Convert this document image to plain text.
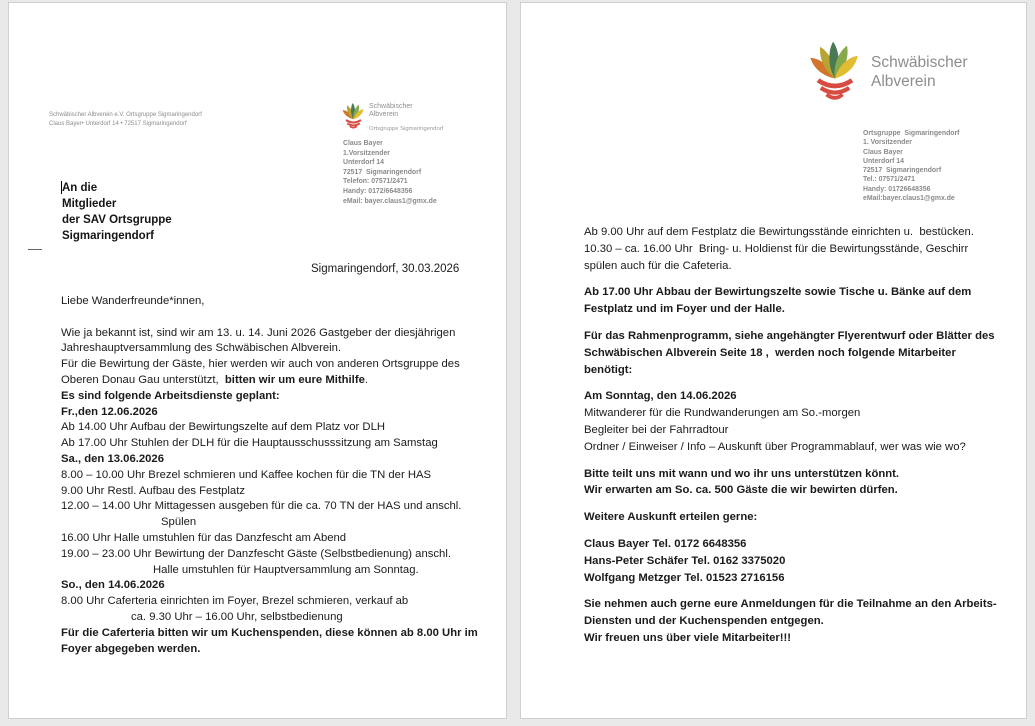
Schwäbischer Albverein e.V. Ortsgruppe Sigmaringendorf
Claus Bayer• Unterdorf 14 • 72517 Sigmaringendorf
Schwäbischer
Albverein
Ortsgruppe Sigmaringendorf
Claus Bayer
1.Vorsitzender
Unterdorf 14
72517  Sigmaringendorf
Telefon: 07571/2471
Handy: 0172/6648356
eMail: bayer.claus1@gmx.de
An die
Mitglieder
der SAV Ortsgruppe
Sigmaringendorf
Sigmaringendorf, 30.03.2026
Liebe Wanderfreunde*innen,

Wie ja bekannt ist, sind wir am 13. u. 14. Juni 2026 Gastgeber der diesjährigen
Jahreshauptversammlung des Schwäbischen Albverein.
Für die Bewirtung der Gäste, hier werden wir auch von anderen Ortsgruppe des
Oberen Donau Gau unterstützt,  bitten wir um eure Mithilfe.
Es sind folgende Arbeitsdienste geplant:
Fr.,den 12.06.2026
Ab 14.00 Uhr Aufbau der Bewirtungszelte auf dem Platz vor DLH
Ab 17.00 Uhr Stuhlen der DLH für die Hauptausschusssitzung am Samstag
Sa., den 13.06.2026
8.00 – 10.00 Uhr Brezel schmieren und Kaffee kochen für die TN der HAS
9.00 Uhr Restl. Aufbau des Festplatz
12.00 – 14.00 Uhr Mittagessen ausgeben für die ca. 70 TN der HAS und anschl.
Spülen
16.00 Uhr Halle umstuhlen für das Danzfescht am Abend
19.00 – 23.00 Uhr Bewirtung der Danzfescht Gäste (Selbstbedienung) anschl.
Halle umstuhlen für Hauptversammlung am Sonntag.
So., den 14.06.2026
8.00 Uhr Caferteria einrichten im Foyer, Brezel schmieren, verkauf ab
ca. 9.30 Uhr – 16.00 Uhr, selbstbedienung
Für die Caferteria bitten wir um Kuchenspenden, diese können ab 8.00 Uhr im
Foyer abgegeben werden.
Schwäbischer
Albverein
Ortsgruppe  Sigmaringendorf
1. Vorsitzender
Claus Bayer
Unterdorf 14
72517  Sigmaringendorf
Tel.: 07571/2471
Handy: 01726648356
eMail:bayer.claus1@gmx.de
Ab 9.00 Uhr auf dem Festplatz die Bewirtungsstände einrichten u.  bestücken.
10.30 – ca. 16.00 Uhr  Bring- u. Holdienst für die Bewirtungsstände, Geschirr
spülen auch für die Cafeteria.
Ab 17.00 Uhr Abbau der Bewirtungszelte sowie Tische u. Bänke auf dem
Festplatz und im Foyer und der Halle.
Für das Rahmenprogramm, siehe angehängter Flyerentwurf oder Blätter des
Schwäbischen Albverein Seite 18 ,  werden noch folgende Mitarbeiter
benötigt:
Am Sonntag, den 14.06.2026
Mitwanderer für die Rundwanderungen am So.-morgen
Begleiter bei der Fahrradtour
Ordner / Einweiser / Info – Auskunft über Programmablauf, wer was wie wo?
Bitte teilt uns mit wann und wo ihr uns unterstützen könnt.
Wir erwarten am So. ca. 500 Gäste die wir bewirten dürfen.
Weitere Auskunft erteilen gerne:
Claus Bayer Tel. 0172 6648356
Hans-Peter Schäfer Tel. 0162 3375020
Wolfgang Metzger Tel. 01523 2716156
Sie nehmen auch gerne eure Anmeldungen für die Teilnahme an den Arbeits-
Diensten und der Kuchenspenden entgegen.
Wir freuen uns über viele Mitarbeiter!!!
